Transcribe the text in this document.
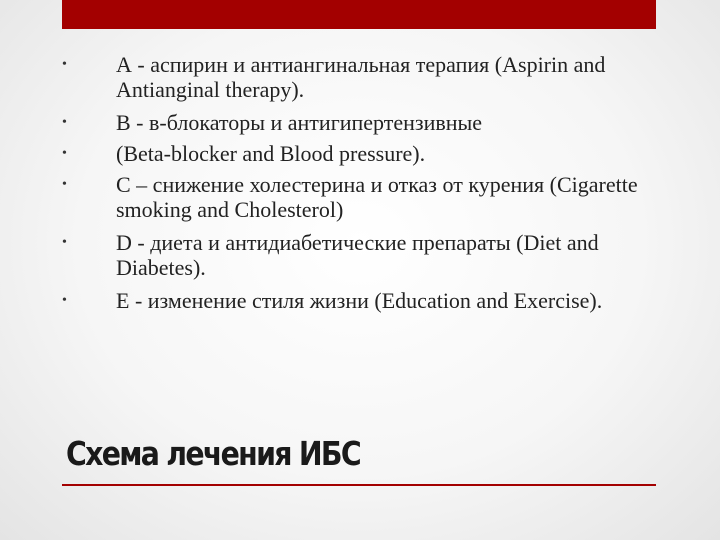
• А - аспирин и антиангинальная терапия (Aspirin and Antianginal therapy).
• В - в-блокаторы и антигипертензивные
• (Beta-blocker and Blood pressure).
• С – снижение холестерина и отказ от курения (Cigarette smoking and Cholesterol)
• D - диета и антидиабетические препараты (Diet and Diabetes).
• E - изменение стиля жизни (Education and Exercise).
Схема лечения ИБС
